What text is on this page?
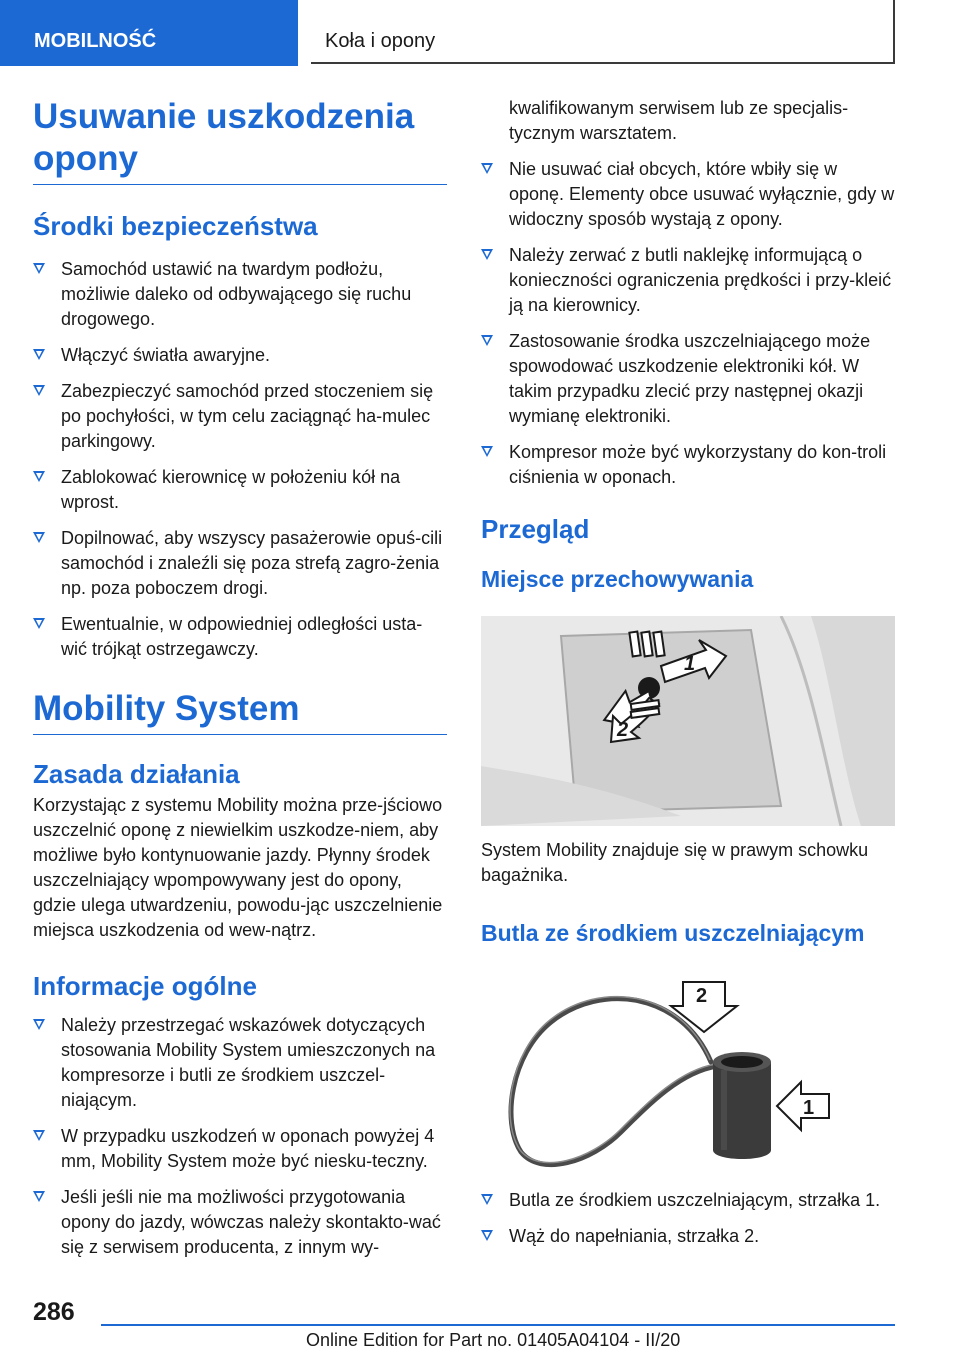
MOBILNOŚĆ	Koła i opony
Usuwanie uszkodzenia opony
Środki bezpieczeństwa
Samochód ustawić na twardym podłożu, możliwie daleko od odbywającego się ruchu drogowego.
Włączyć światła awaryjne.
Zabezpieczyć samochód przed stoczeniem się po pochyłości, w tym celu zaciągnąć ha-mulec parkingowy.
Zablokować kierownicę w położeniu kół na wprost.
Dopilnować, aby wszyscy pasażerowie opuś-cili samochód i znaleźli się poza strefą zagro-żenia np. poza poboczem drogi.
Ewentualnie, w odpowiedniej odległości usta-wić trójkąt ostrzegawczy.
Mobility System
Zasada działania

Korzystając z systemu Mobility można prze-jściowo uszczelnić oponę z niewielkim uszkodze-niem, aby możliwe było kontynuowanie jazdy. Płynny środek uszczelniający wpompowywany jest do opony, gdzie ulega utwardzeniu, powodu-jąc uszczelnienie miejsca uszkodzenia od wew-nątrz.

Informacje ogólne
Należy przestrzegać wskazówek dotyczących stosowania Mobility System umieszczonych na kompresorze i butli ze środkiem uszczel-niającym.
W przypadku uszkodzeń w oponach powyżej 4 mm, Mobility System może być niesku-teczny.
Jeśli jeśli nie ma możliwości przygotowania opony do jazdy, wówczas należy skontakto-wać się z serwisem producenta, z innym wy-

kwalifikowanym serwisem lub ze specjalis-tycznym warsztatem.

Nie usuwać ciał obcych, które wbiły się w oponę. Elementy obce usuwać wyłącznie, gdy w widoczny sposób wystają z opony.
Należy zerwać z butli naklejkę informującą o konieczności ograniczenia prędkości i przy-kleić ją na kierownicy.
Zastosowanie środka uszczelniającego może spowodować uszkodzenie elektroniki kół. W takim przypadku zlecić przy następnej okazji wymianę elektroniki.
Kompresor może być wykorzystany do kon-troli ciśnienia w oponach.
Przegląd
Miejsce przechowywania
1
2

System Mobility znajduje się w prawym schowku bagażnika.

Butla ze środkiem uszczelniającym
2
1
Butla ze środkiem uszczelniającym, strzałka 1.
Wąż do napełniania, strzałka 2.
286
Online Edition for Part no. 01405A04104 - II/20
